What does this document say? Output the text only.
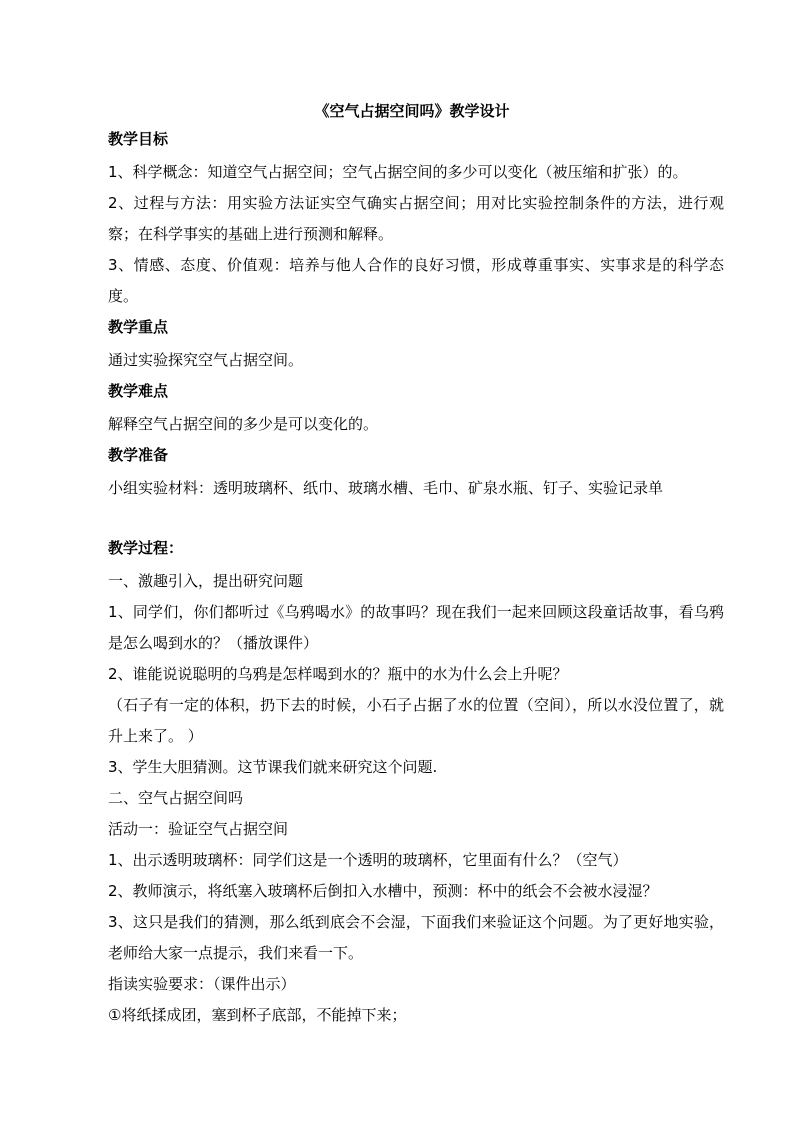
《空气占据空间吗》教学设计
教学目标

1、科学概念：知道空气占据空间；空气占据空间的多少可以变化（被压缩和扩张）的。

2、过程与方法：用实验方法证实空气确实占据空间；用对比实验控制条件的方法，进行观察；在科学事实的基础上进行预测和解释。

3、情感、态度、价值观：培养与他人合作的良好习惯，形成尊重事实、实事求是的科学态度。

教学重点

通过实验探究空气占据空间。

教学难点

解释空气占据空间的多少是可以变化的。

教学准备

小组实验材料：透明玻璃杯、纸巾、玻璃水槽、毛巾、矿泉水瓶、钉子、实验记录单

教学过程：

一、激趣引入，提出研究问题

1、同学们，你们都听过《乌鸦喝水》的故事吗？现在我们一起来回顾这段童话故事，看乌鸦是怎么喝到水的？（播放课件）

2、谁能说说聪明的乌鸦是怎样喝到水的？瓶中的水为什么会上升呢？

（石子有一定的体积，扔下去的时候，小石子占据了水的位置（空间），所以水没位置了，就升上来了。 ）

3、学生大胆猜测。这节课我们就来研究这个问题.

二、空气占据空间吗

活动一：验证空气占据空间

1、出示透明玻璃杯：同学们这是一个透明的玻璃杯，它里面有什么？（空气）

2、教师演示，将纸塞入玻璃杯后倒扣入水槽中，预测：杯中的纸会不会被水浸湿？

3、这只是我们的猜测，那么纸到底会不会湿，下面我们来验证这个问题。为了更好地实验，老师给大家一点提示，我们来看一下。

指读实验要求：（课件出示）

①将纸揉成团，塞到杯子底部，不能掉下来；
